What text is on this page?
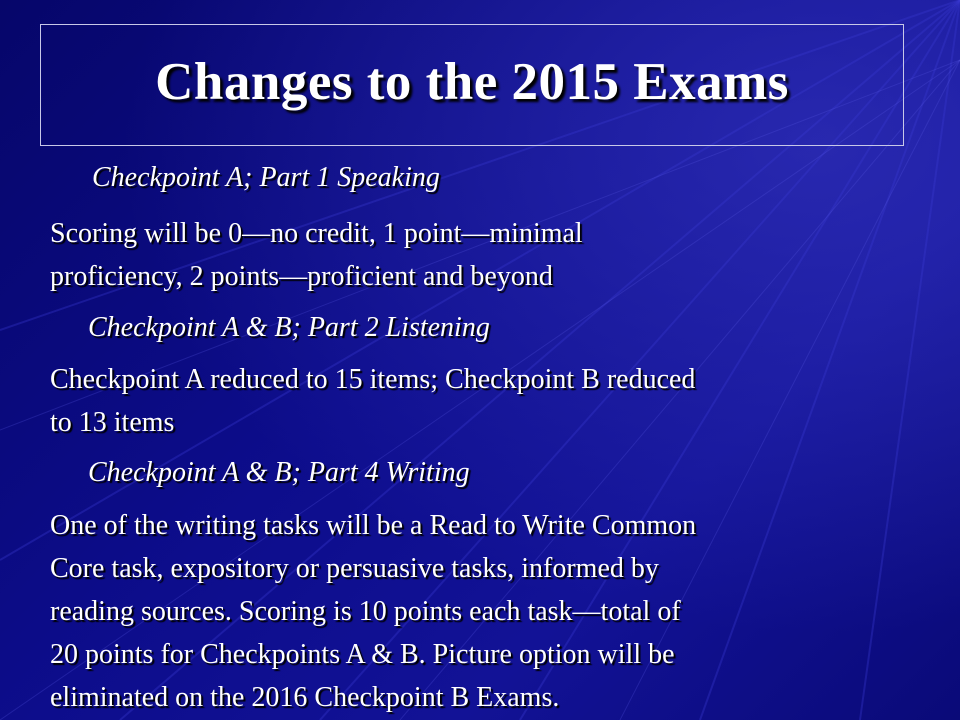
Changes to the 2015 Exams
Checkpoint A; Part 1 Speaking
Scoring will be 0—no credit, 1 point—minimal
proficiency, 2 points—proficient and beyond
Checkpoint A & B; Part 2 Listening
Checkpoint A reduced to 15 items; Checkpoint B reduced
to 13 items
Checkpoint A & B; Part 4 Writing
One of the writing tasks will be a Read to Write Common
Core task, expository or persuasive tasks, informed by
reading sources. Scoring is 10 points each task—total of
20 points for Checkpoints A & B. Picture option will be
eliminated on the 2016 Checkpoint B Exams.
